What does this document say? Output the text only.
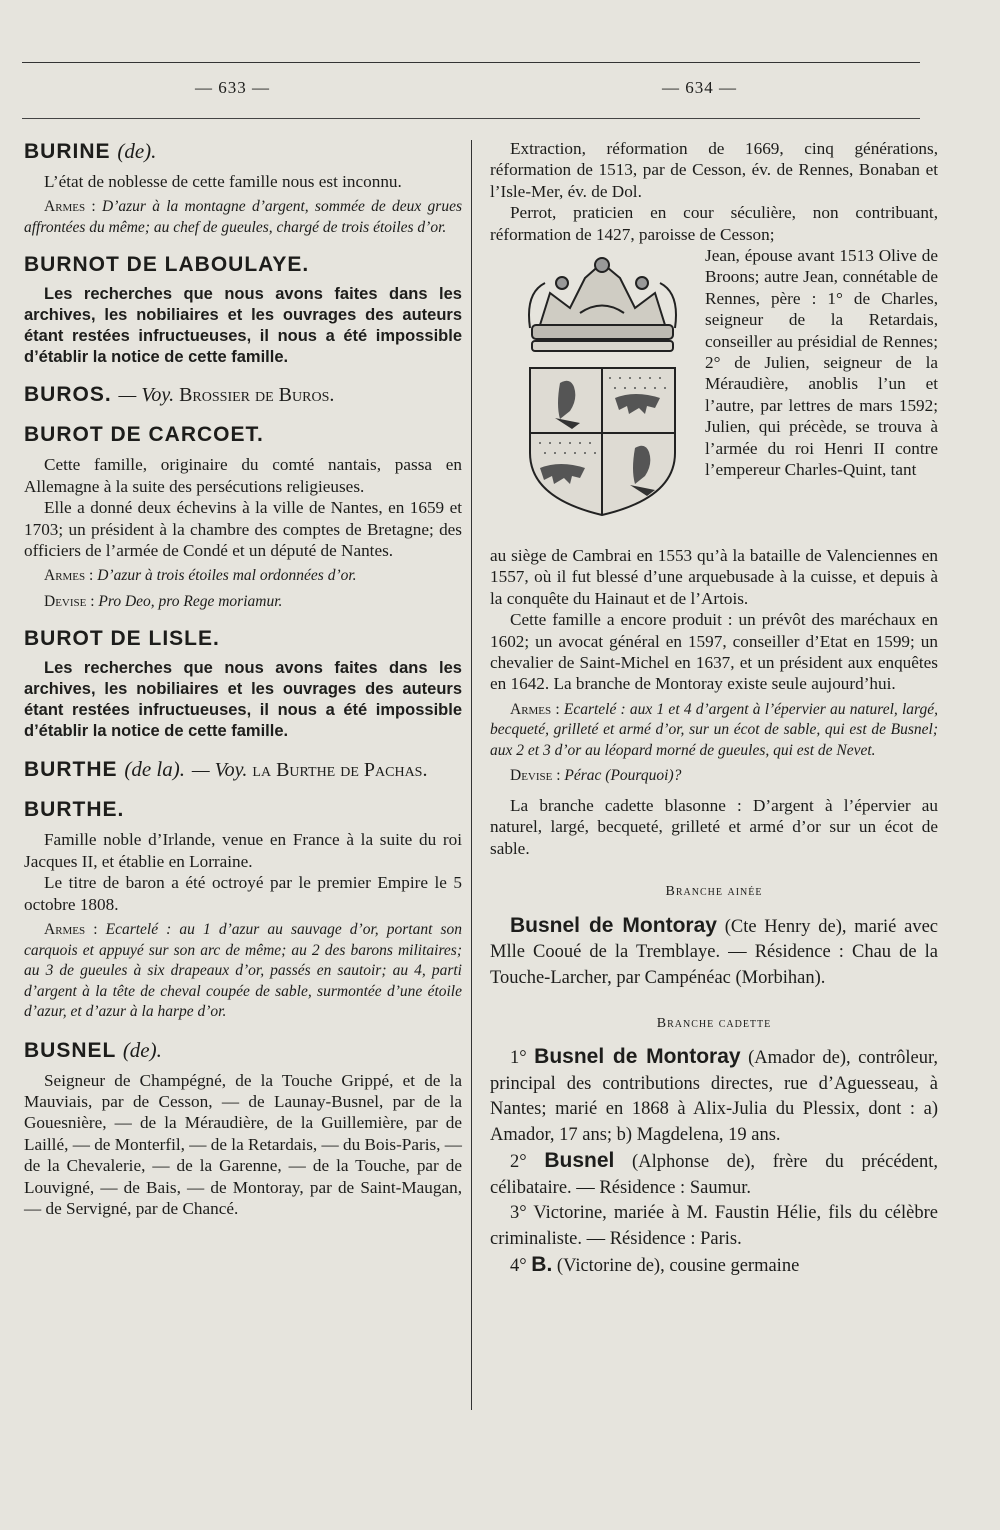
— 633 —	— 634 —
BURINE (de).

L’état de noblesse de cette famille nous est inconnu.

Armes : D’azur à la montagne d’argent, sommée de deux grues affrontées du même; au chef de gueules, chargé de trois étoiles d’or.

BURNOT DE LABOULAYE.

Les recherches que nous avons faites dans les archives, les nobiliaires et les ouvrages des auteurs étant restées infructueuses, il nous a été impossible d’établir la notice de cette famille.

BUROS. — Voy. Brossier de Buros.
BUROT DE CARCOET.

Cette famille, originaire du comté nantais, passa en Allemagne à la suite des persécutions religieuses.

Elle a donné deux échevins à la ville de Nantes, en 1659 et 1703; un président à la chambre des comptes de Bretagne; des officiers de l’armée de Condé et un député de Nantes.

Armes : D’azur à trois étoiles mal ordonnées d’or.

Devise : Pro Deo, pro Rege moriamur.

BUROT DE LISLE.

Les recherches que nous avons faites dans les archives, les nobiliaires et les ouvrages des auteurs étant restées infructueuses, il nous a été impossible d’établir la notice de cette famille.

BURTHE (de la). — Voy. la Burthe de Pachas.
BURTHE.

Famille noble d’Irlande, venue en France à la suite du roi Jacques II, et établie en Lorraine.

Le titre de baron a été octroyé par le premier Empire le 5 octobre 1808.

Armes : Ecartelé : au 1 d’azur au sauvage d’or, portant son carquois et appuyé sur son arc de même; au 2 des barons militaires; au 3 de gueules à six drapeaux d’or, passés en sautoir; au 4, parti d’argent à la tête de cheval coupée de sable, surmontée d’une étoile d’azur, et d’azur à la harpe d’or.

BUSNEL (de).

Seigneur de Champégné, de la Touche Grippé, et de la Mauviais, par de Cesson, — de Launay-Busnel, par de la Gouesnière, — de la Méraudière, de la Guillemière, par de Laillé, — de Monterfil, — de la Retardais, — du Bois-Paris, — de la Chevalerie, — de la Garenne, — de la Touche, par de Louvigné, — de Bais, — de Montoray, par de Saint-Maugan, — de Servigné, par de Chancé.

Extraction, réformation de 1669, cinq générations, réformation de 1513, par de Cesson, év. de Rennes, Bonaban et l’Isle-Mer, év. de Dol.

Perrot, praticien en cour séculière, non contribuant, réformation de 1427, paroisse de Cesson;

Jean, épouse avant 1513 Olive de Broons; autre Jean, connétable de Rennes, père : 1° de Charles, seigneur de la Retardais, conseiller au présidial de Rennes; 2° de Julien, seigneur de la Méraudière, anoblis l’un et l’autre, par lettres de mars 1592; Julien, qui précède, se trouva à l’armée du roi Henri II contre l’empereur Charles-Quint, tant

au siège de Cambrai en 1553 qu’à la bataille de Valenciennes en 1557, où il fut blessé d’une arquebusade à la cuisse, et depuis à la conquête du Hainaut et de l’Artois.

Cette famille a encore produit : un prévôt des maréchaux en 1602; un avocat général en 1597, conseiller d’Etat en 1599; un chevalier de Saint-Michel en 1637, et un président aux enquêtes en 1642. La branche de Montoray existe seule aujourd’hui.

Armes : Ecartelé : aux 1 et 4 d’argent à l’épervier au naturel, largé, becqueté, grilleté et armé d’or, sur un écot de sable, qui est de Busnel; aux 2 et 3 d’or au léopard morné de gueules, qui est de Nevet.

Devise : Pérac (Pourquoi)?

La branche cadette blasonne : D’argent à l’épervier au naturel, largé, becqueté, grilleté et armé d’or sur un écot de sable.

Branche ainée

Busnel de Montoray (Cte Henry de), marié avec Mlle Cooué de la Tremblaye. — Résidence : Chau de la Touche-Larcher, par Campénéac (Morbihan).

Branche cadette

1° Busnel de Montoray (Amador de), contrôleur, principal des contributions directes, rue d’Aguesseau, à Nantes; marié en 1868 à Alix-Julia du Plessix, dont : a) Amador, 17 ans; b) Magdelena, 19 ans.

2° Busnel (Alphonse de), frère du précédent, célibataire. — Résidence : Saumur.

3° Victorine, mariée à M. Faustin Hélie, fils du célèbre criminaliste. — Résidence : Paris.

4° B. (Victorine de), cousine germaine
